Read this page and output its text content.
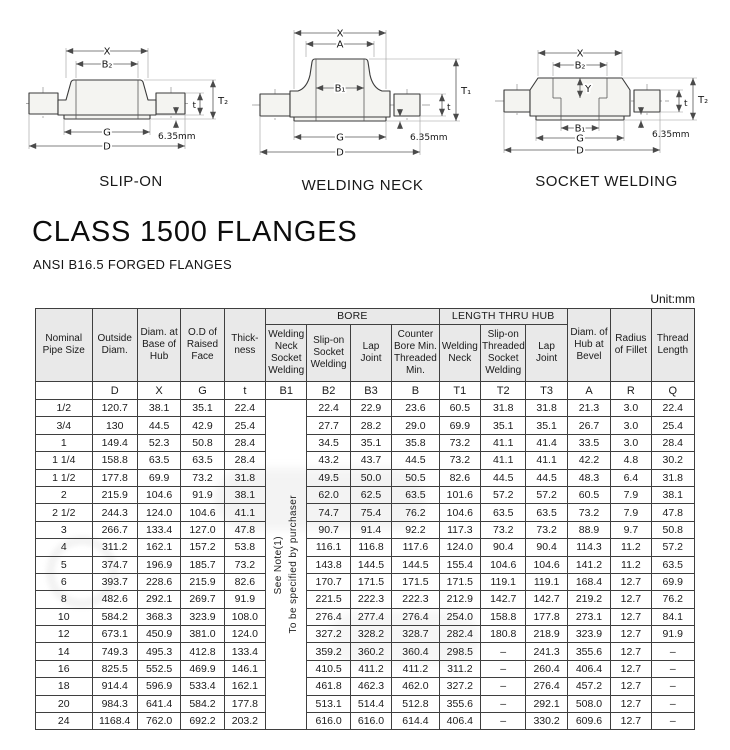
X
B₂
G
D
t T₂
6.35mm
SLIP-ON
X
A
B₁
G
D
t
T₁
6.35mm
WELDING NECK
X
B₂
Y
B₁
G
D
t T₂
6.35mm
SOCKET WELDING
CLASS 1500 FLANGES
ANSI B16.5 FORGED FLANGES
Unit:mm
Nominal Pipe Size	Outside Diam.	Diam. at Base of Hub	O.D of Raised Face	Thick-ness	BORE				LENGTH THRU HUB			Diam. of Hub at Bevel	Radius of Fillet	Thread Length
					Welding Neck Socket Welding	Slip-on Socket Welding	Lap Joint	Counter Bore Min. Threaded Min.	Welding Neck	Slip-on Threaded Socket Welding	Lap Joint			
	D	X	G	t	B1	B2	B3	B	T1	T2	T3	A	R	Q
1/2	120.7	38.1	35.1	22.4	See Note(1) To be specified by purchaser	22.4	22.9	23.6	60.5	31.8	31.8	21.3	3.0	22.4
3/4	130	44.5	42.9	25.4		27.7	28.2	29.0	69.9	35.1	35.1	26.7	3.0	25.4
1	149.4	52.3	50.8	28.4		34.5	35.1	35.8	73.2	41.1	41.4	33.5	3.0	28.4
1 1/4	158.8	63.5	63.5	28.4		43.2	43.7	44.5	73.2	41.1	41.1	42.2	4.8	30.2
1 1/2	177.8	69.9	73.2	31.8		49.5	50.0	50.5	82.6	44.5	44.5	48.3	6.4	31.8
2	215.9	104.6	91.9	38.1		62.0	62.5	63.5	101.6	57.2	57.2	60.5	7.9	38.1
2 1/2	244.3	124.0	104.6	41.1		74.7	75.4	76.2	104.6	63.5	63.5	73.2	7.9	47.8
3	266.7	133.4	127.0	47.8		90.7	91.4	92.2	117.3	73.2	73.2	88.9	9.7	50.8
4	311.2	162.1	157.2	53.8		116.1	116.8	117.6	124.0	90.4	90.4	114.3	11.2	57.2
5	374.7	196.9	185.7	73.2		143.8	144.5	144.5	155.4	104.6	104.6	141.2	11.2	63.5
6	393.7	228.6	215.9	82.6		170.7	171.5	171.5	171.5	119.1	119.1	168.4	12.7	69.9
8	482.6	292.1	269.7	91.9		221.5	222.3	222.3	212.9	142.7	142.7	219.2	12.7	76.2
10	584.2	368.3	323.9	108.0		276.4	277.4	276.4	254.0	158.8	177.8	273.1	12.7	84.1
12	673.1	450.9	381.0	124.0		327.2	328.2	328.7	282.4	180.8	218.9	323.9	12.7	91.9
14	749.3	495.3	412.8	133.4		359.2	360.2	360.4	298.5	–	241.3	355.6	12.7	–
16	825.5	552.5	469.9	146.1		410.5	411.2	411.2	311.2	–	260.4	406.4	12.7	–
18	914.4	596.9	533.4	162.1		461.8	462.3	462.0	327.2	–	276.4	457.2	12.7	–
20	984.3	641.4	584.2	177.8		513.1	514.4	512.8	355.6	–	292.1	508.0	12.7	–
24	1168.4	762.0	692.2	203.2		616.0	616.0	614.4	406.4	–	330.2	609.6	12.7	–
